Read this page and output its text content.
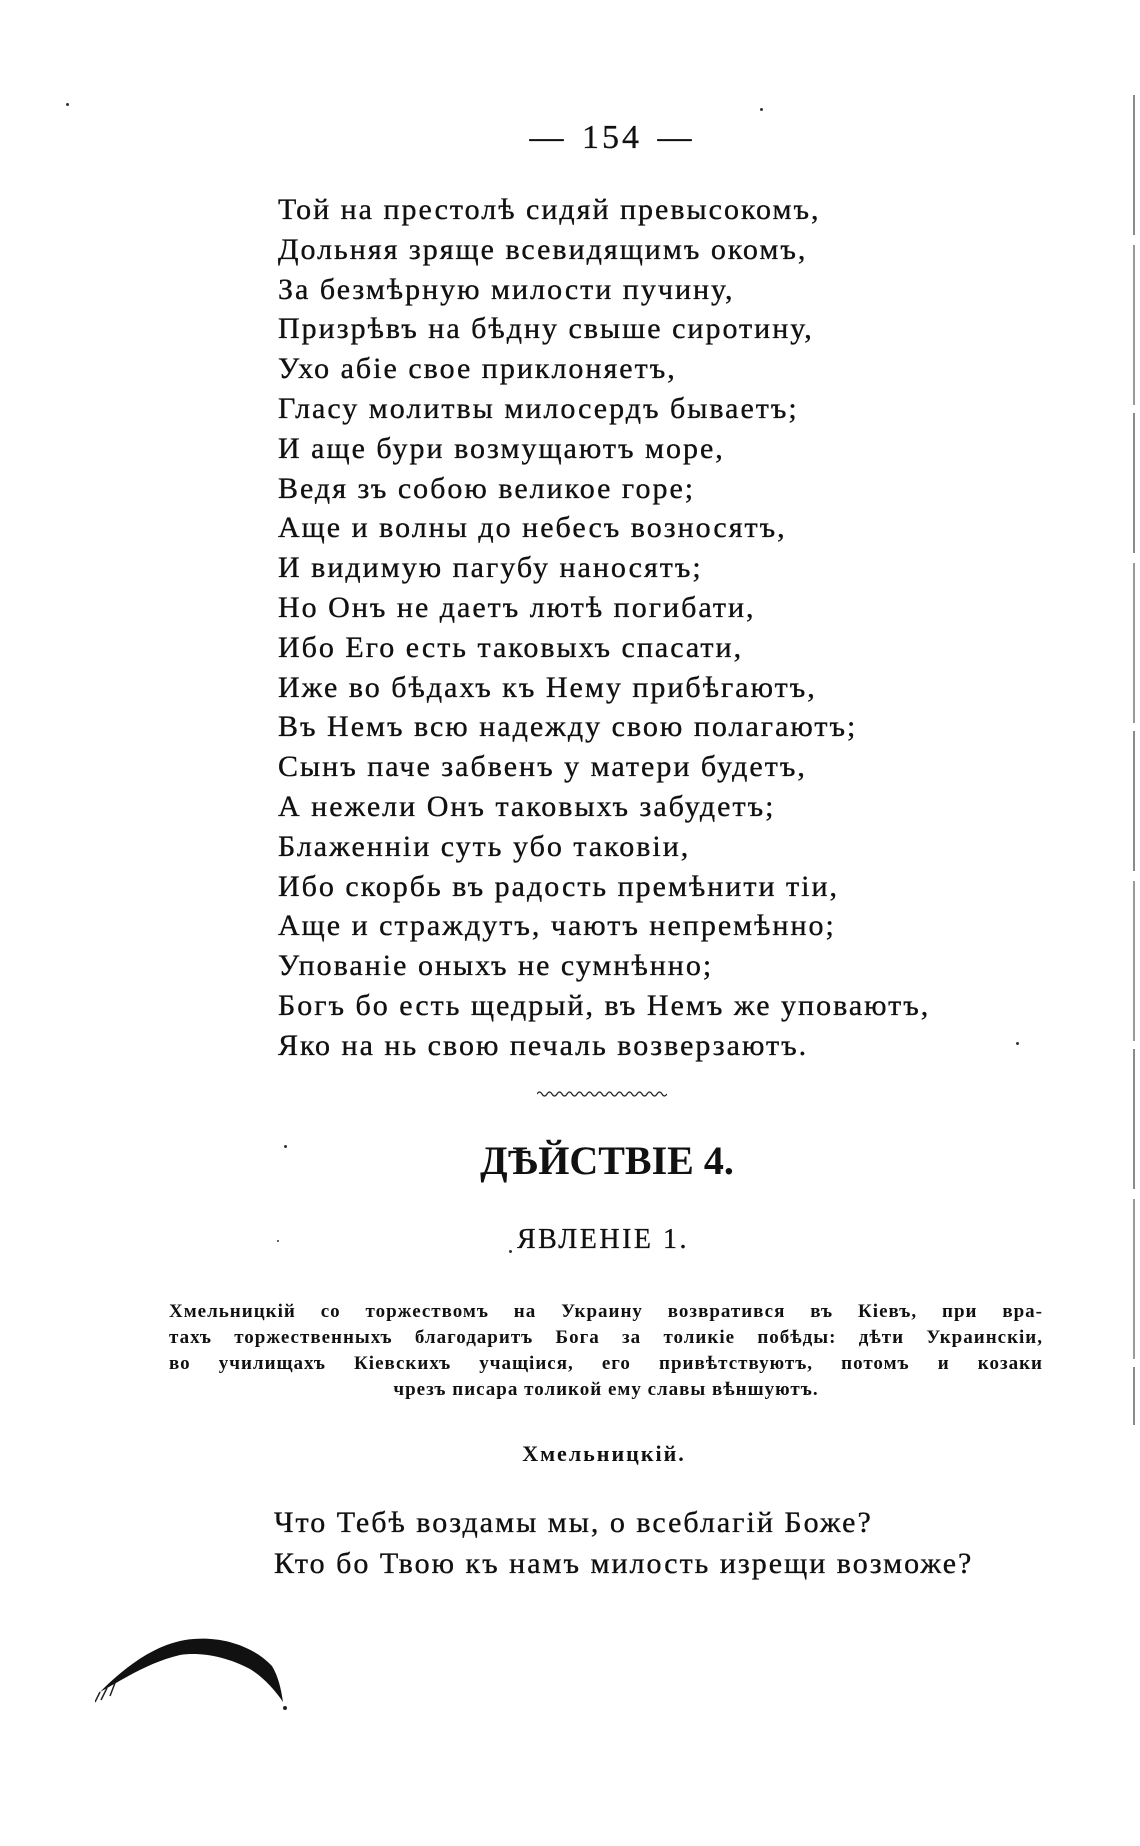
— 154 —
Той на престолѣ сидяй превысокомъ,
Дольняя зряще всевидящимъ окомъ,
За безмѣрную милости пучину,
Призрѣвъ на бѣдну свыше сиротину,
Ухо абіе свое приклоняетъ,
Гласу молитвы милосердъ бываетъ;
И аще бури возмущаютъ море,
Ведя зъ собою великое горе;
Аще и волны до небесъ возносятъ,
И видимую пагубу наносятъ;
Но Онъ не даетъ лютѣ погибати,
Ибо Его есть таковыхъ спасати,
Иже во бѣдахъ къ Нему прибѣгаютъ,
Въ Немъ всю надежду свою полагаютъ;
Сынъ паче забвенъ у матери будетъ,
А нежели Онъ таковыхъ забудетъ;
Блаженніи суть убо таковіи,
Ибо скорбь въ радость премѣнити тіи,
Аще и страждутъ, чаютъ непремѣнно;
Упованіе оныхъ не сумнѣнно;
Богъ бо есть щедрый, въ Немъ же уповаютъ,
Яко на нь свою печаль возверзаютъ.
ДѢЙСТВІЕ 4.
ЯВЛЕНІЕ 1.
Хмельницкій со торжествомъ на Украину возвратився въ Кіевъ, при вра-
тахъ торжественныхъ благодаритъ Бога за толикіе побѣды: дѣти Украинскіи,
во училищахъ Кіевскихъ учащіися, его привѣтствуютъ, потомъ и козаки
чрезъ писара толикой ему славы вѣншуютъ.
Хмельницкій.
Что Тебѣ воздамы мы, о всеблагій Боже?
Кто бо Твою къ намъ милость изрещи возможе?
